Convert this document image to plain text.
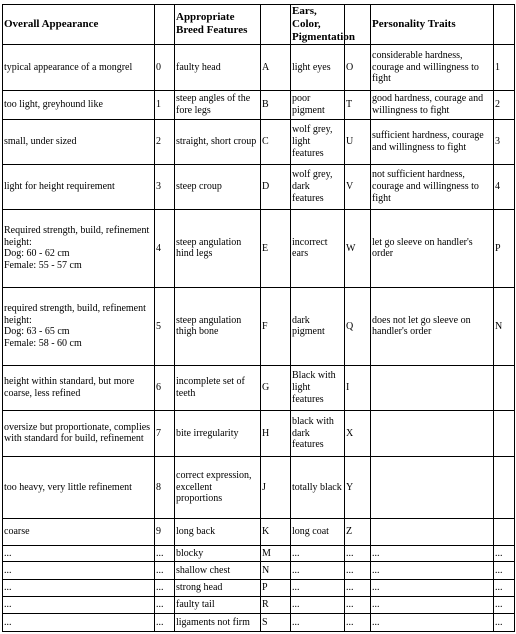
Overall Appearance		Appropriate Breed Features		Ears, Color, Pigmentation		Personality Traits	
typical appearance of a mongrel	0	faulty head	A	light eyes	O	considerable hardness, courage and willingness to fight	1
too light, greyhound like	1	steep angles of the fore legs	B	poor pigment	T	good hardness, courage and willingness to fight	2
small, under sized	2	straight, short croup	C	wolf grey, light features	U	sufficient hardness, courage and willingness to fight	3
light for height requirement	3	steep croup	D	wolf grey, dark features	V	not sufficient hardness, courage and willingness to fight	4
Required strength, build, refinement
height:
Dog: 60 - 62 cm
Female: 55 - 57 cm	4	steep angulation hind legs	E	incorrect ears	W	let go sleeve on handler's order	P
required strength, build, refinement
height:
Dog: 63 - 65 cm
Female: 58 - 60 cm	5	steep angulation thigh bone	F	dark pigment	Q	does not let go sleeve on handler's order	N
height within standard, but more coarse, less refined	6	incomplete set of teeth	G	Black with light features	I		
oversize but proportionate, complies with standard for build, refinement	7	bite irregularity	H	black with dark features	X		
too heavy, very little refinement	8	correct expression, excellent proportions	J	totally black	Y		
coarse	9	long back	K	long coat	Z		
...	...	blocky	M	...	...	...	...
...	...	shallow chest	N	...	...	...	...
...	...	strong head	P	...	...	...	...
...	...	faulty tail	R	...	...	...	...
...	...	ligaments not firm	S	...	...	...	...
